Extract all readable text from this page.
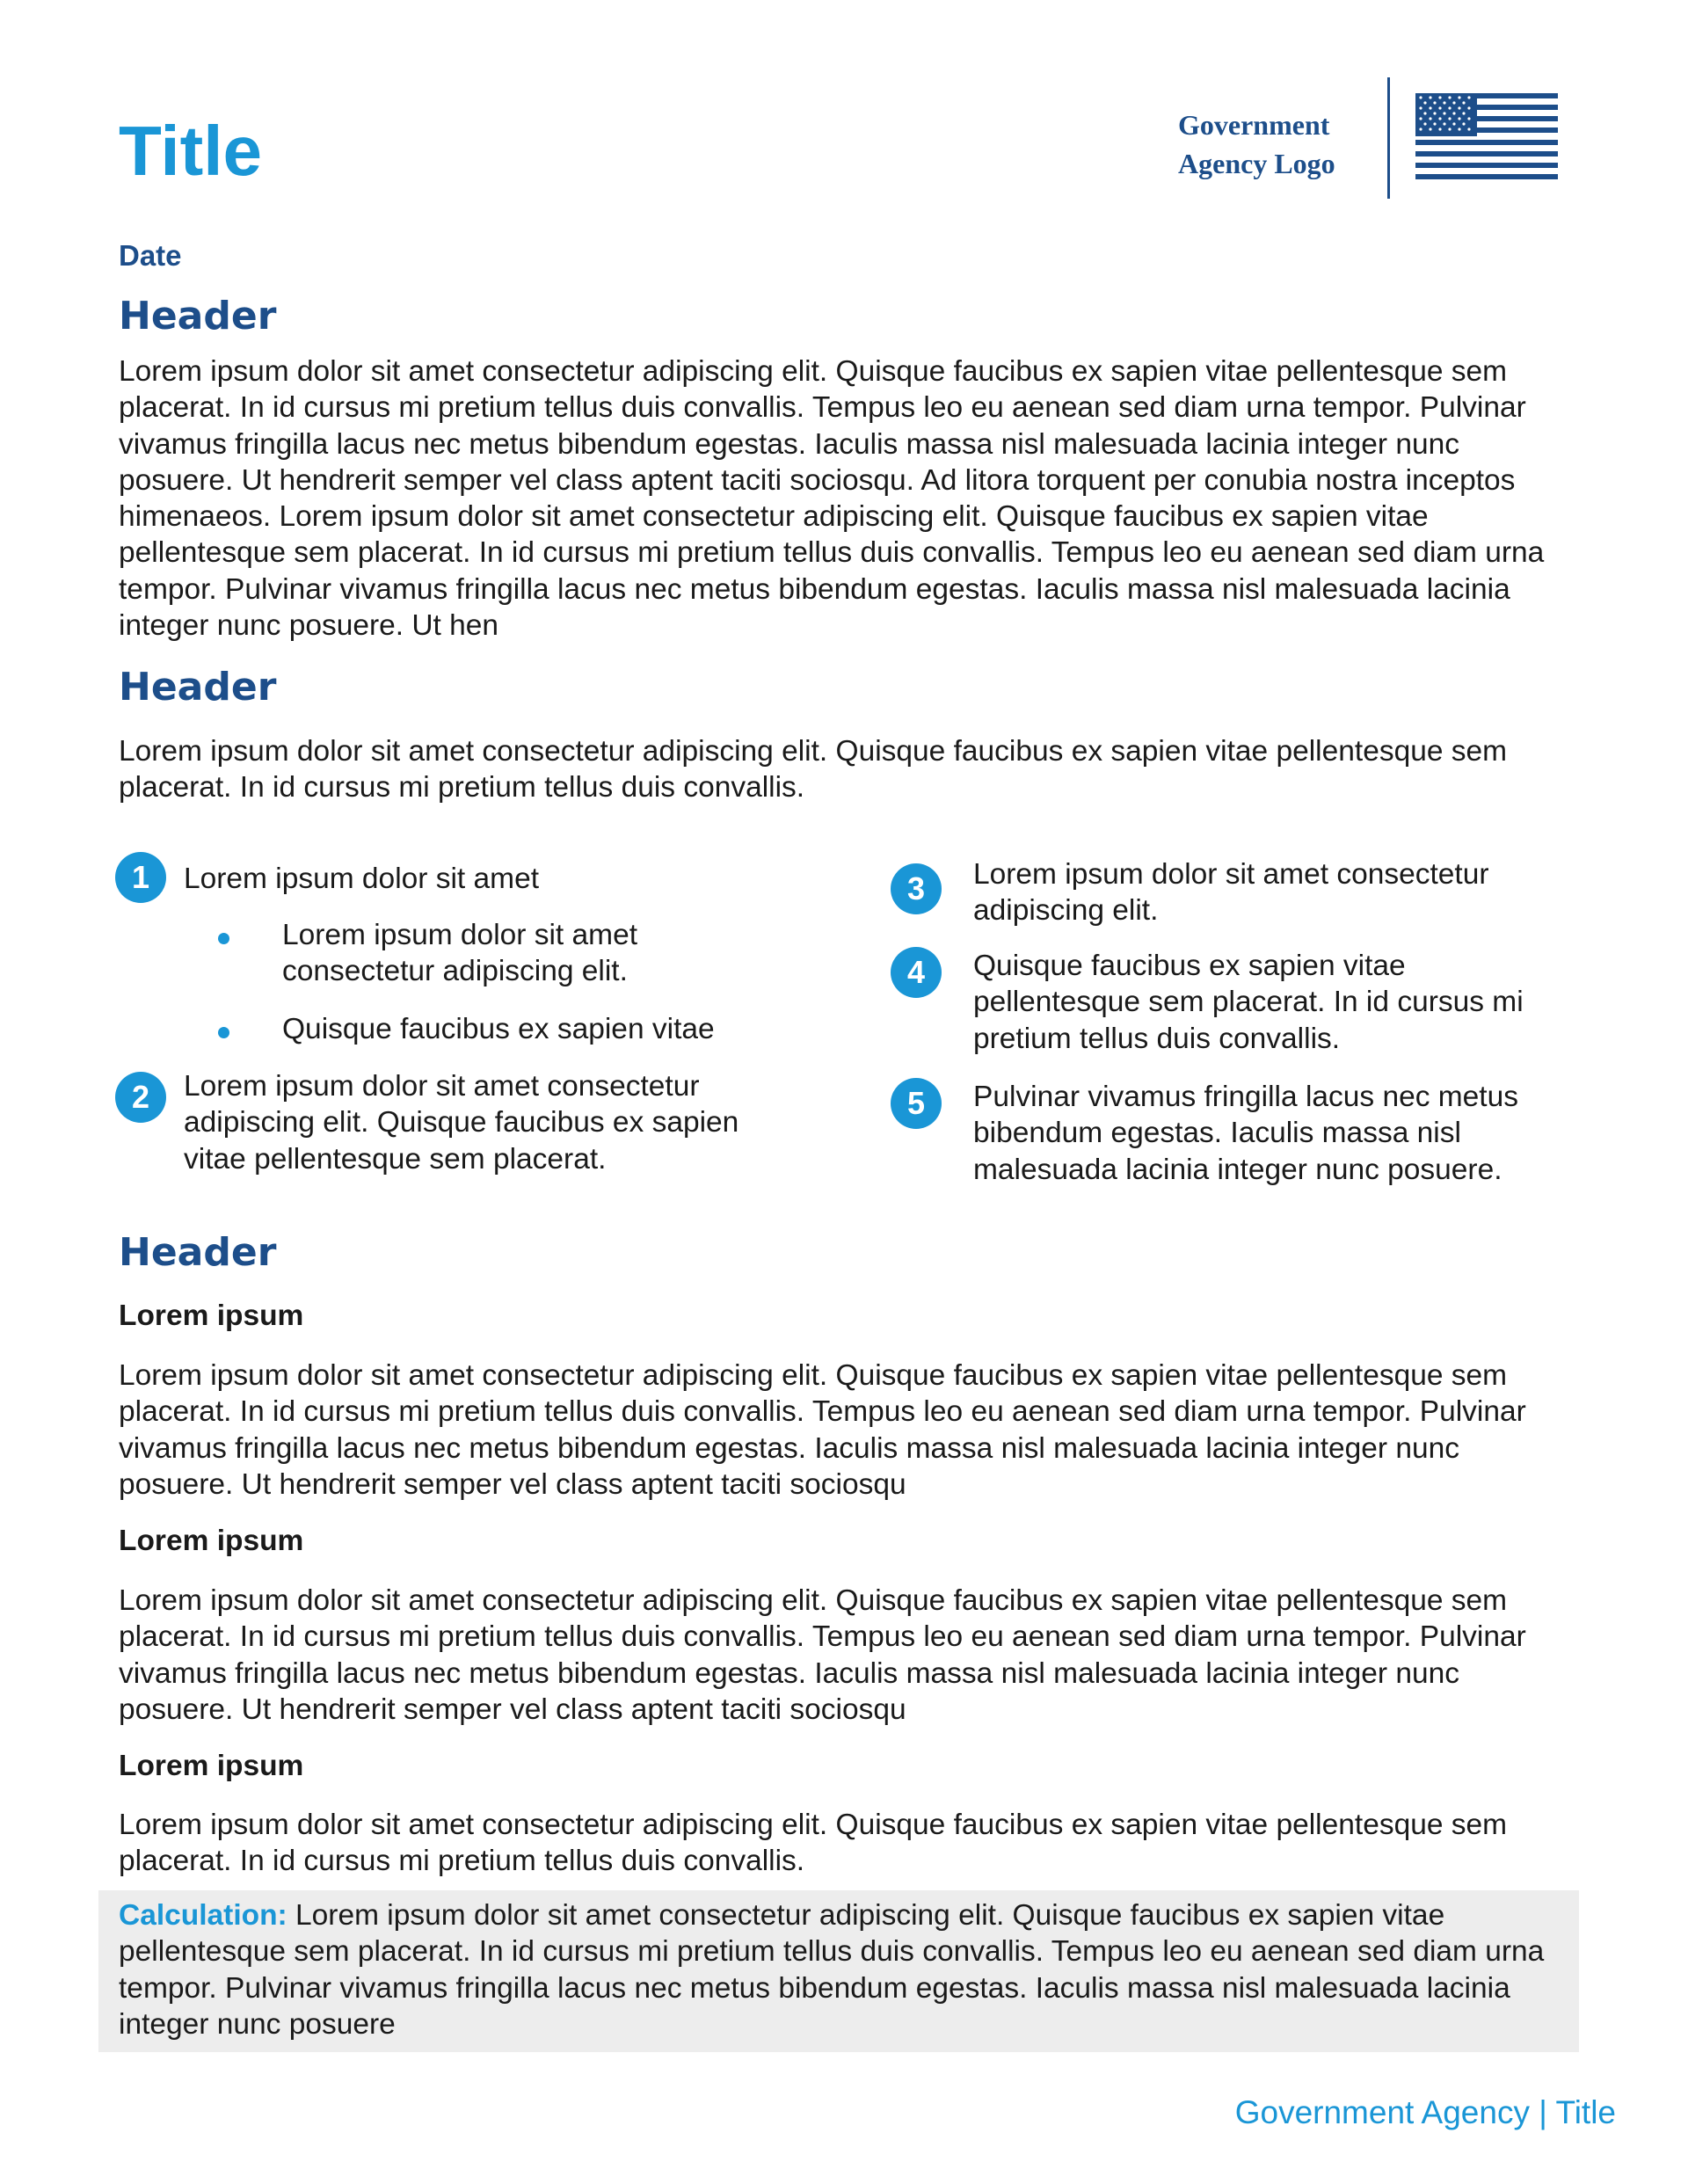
Title	Government
Agency Logo
Date
Header
Lorem ipsum dolor sit amet consectetur adipiscing elit. Quisque faucibus ex sapien vitae pellentesque sem placerat. In id cursus mi pretium tellus duis convallis. Tempus leo eu aenean sed diam urna tempor. Pulvinar vivamus fringilla lacus nec metus bibendum egestas. Iaculis massa nisl malesuada lacinia integer nunc posuere. Ut hendrerit semper vel class aptent taciti sociosqu. Ad litora torquent per conubia nostra inceptos himenaeos. Lorem ipsum dolor sit amet consectetur adipiscing elit. Quisque faucibus ex sapien vitae pellentesque sem placerat. In id cursus mi pretium tellus duis convallis. Tempus leo eu aenean sed diam urna tempor. Pulvinar vivamus fringilla lacus nec metus bibendum egestas. Iaculis massa nisl malesuada lacinia integer nunc posuere. Ut hen
Header
Lorem ipsum dolor sit amet consectetur adipiscing elit. Quisque faucibus ex sapien vitae pellentesque sem placerat. In id cursus mi pretium tellus duis convallis.
1	Lorem ipsum dolor sit amet
Lorem ipsum dolor sit amet consectetur adipiscing elit.
Quisque faucibus ex sapien vitae
2	Lorem ipsum dolor sit amet consectetur adipiscing elit. Quisque faucibus ex sapien vitae pellentesque sem placerat.
3	Lorem ipsum dolor sit amet consectetur adipiscing elit.
4	Quisque faucibus ex sapien vitae pellentesque sem placerat. In id cursus mi pretium tellus duis convallis.
5	Pulvinar vivamus fringilla lacus nec metus bibendum egestas. Iaculis massa nisl malesuada lacinia integer nunc posuere.
Header
Lorem ipsum
Lorem ipsum dolor sit amet consectetur adipiscing elit. Quisque faucibus ex sapien vitae pellentesque sem placerat. In id cursus mi pretium tellus duis convallis. Tempus leo eu aenean sed diam urna tempor. Pulvinar vivamus fringilla lacus nec metus bibendum egestas. Iaculis massa nisl malesuada lacinia integer nunc posuere. Ut hendrerit semper vel class aptent taciti sociosqu
Lorem ipsum
Lorem ipsum dolor sit amet consectetur adipiscing elit. Quisque faucibus ex sapien vitae pellentesque sem placerat. In id cursus mi pretium tellus duis convallis. Tempus leo eu aenean sed diam urna tempor. Pulvinar vivamus fringilla lacus nec metus bibendum egestas. Iaculis massa nisl malesuada lacinia integer nunc posuere. Ut hendrerit semper vel class aptent taciti sociosqu
Lorem ipsum
Lorem ipsum dolor sit amet consectetur adipiscing elit. Quisque faucibus ex sapien vitae pellentesque sem placerat. In id cursus mi pretium tellus duis convallis.
Calculation: Lorem ipsum dolor sit amet consectetur adipiscing elit. Quisque faucibus ex sapien vitae pellentesque sem placerat. In id cursus mi pretium tellus duis convallis. Tempus leo eu aenean sed diam urna tempor. Pulvinar vivamus fringilla lacus nec metus bibendum egestas. Iaculis massa nisl malesuada lacinia integer nunc posuere
Government Agency | Title
